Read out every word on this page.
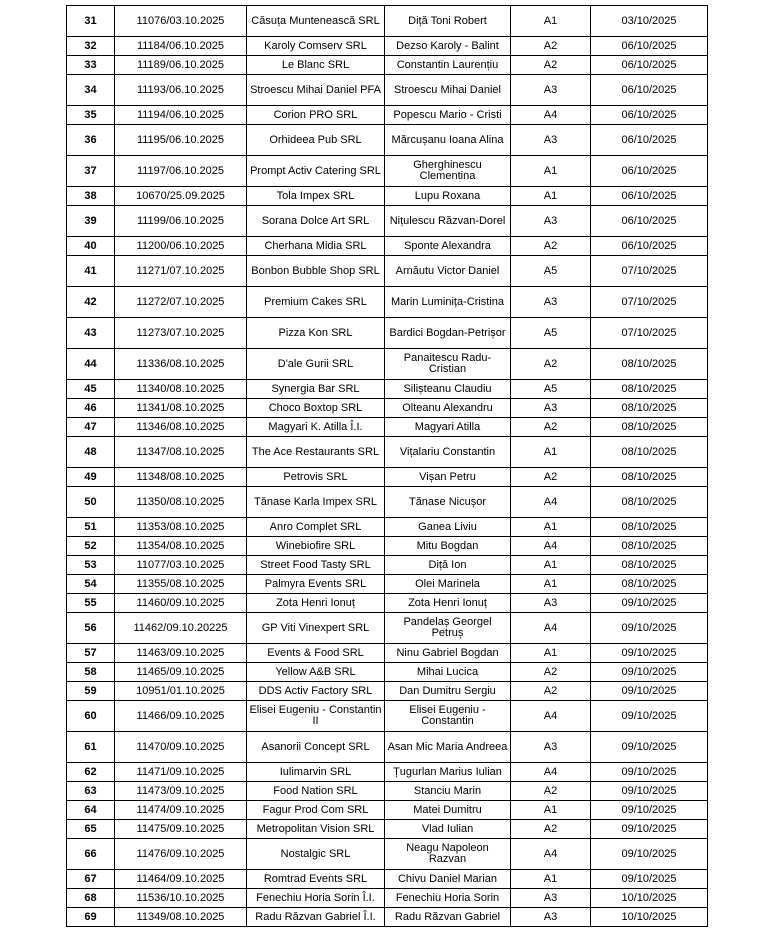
31	11076/03.10.2025	Căsuța Muntenească SRL	Diță Toni Robert	A1	03/10/2025
32	11184/06.10.2025	Karoly Comserv SRL	Dezso Karoly - Balint	A2	06/10/2025
33	11189/06.10.2025	Le Blanc SRL	Constantin Laurențiu	A2	06/10/2025
34	11193/06.10.2025	Stroescu Mihai Daniel PFA	Stroescu Mihai Daniel	A3	06/10/2025
35	11194/06.10.2025	Corion PRO SRL	Popescu Mario - Cristi	A4	06/10/2025
36	11195/06.10.2025	Orhideea Pub SRL	Mărcușanu Ioana Alina	A3	06/10/2025
37	11197/06.10.2025	Prompt Activ Catering SRL	Gherghinescu Clementina	A1	06/10/2025
38	10670/25.09.2025	Tola Impex SRL	Lupu Roxana	A1	06/10/2025
39	11199/06.10.2025	Sorana Dolce Art SRL	Nițulescu Răzvan-Dorel	A3	06/10/2025
40	11200/06.10.2025	Cherhana Midia SRL	Sponte Alexandra	A2	06/10/2025
41	11271/07.10.2025	Bonbon Bubble Shop SRL	Arnăutu Victor Daniel	A5	07/10/2025
42	11272/07.10.2025	Premium Cakes SRL	Marin Luminița-Cristina	A3	07/10/2025
43	11273/07.10.2025	Pizza Kon SRL	Bardici Bogdan-Petrișor	A5	07/10/2025
44	11336/08.10.2025	D'ale Gurii SRL	Panaitescu Radu-Cristian	A2	08/10/2025
45	11340/08.10.2025	Synergia Bar SRL	Siliștеanu Claudiu	A5	08/10/2025
46	11341/08.10.2025	Choco Boxtop SRL	Olteanu Alexandru	A3	08/10/2025
47	11346/08.10.2025	Magyari K. Atilla Î.I.	Magyari Atilla	A2	08/10/2025
48	11347/08.10.2025	The Ace Restaurants SRL	Vițalariu Constantin	A1	08/10/2025
49	11348/08.10.2025	Petrovis SRL	Vișan Petru	A2	08/10/2025
50	11350/08.10.2025	Tănase Karla Impex SRL	Tănase Nicușor	A4	08/10/2025
51	11353/08.10.2025	Anro Complet SRL	Ganea Liviu	A1	08/10/2025
52	11354/08.10.2025	Winebiofire SRL	Mitu Bogdan	A4	08/10/2025
53	11077/03.10.2025	Street Food Tasty SRL	Diță Ion	A1	08/10/2025
54	11355/08.10.2025	Palmyra Events SRL	Olei Marinela	A1	08/10/2025
55	11460/09.10.2025	Zota Henri Ionuț	Zota Henri Ionuț	A3	09/10/2025
56	11462/09.10.20225	GP Viti Vinexpert SRL	Pandelaș Georgel Petruș	A4	09/10/2025
57	11463/09.10.2025	Events & Food SRL	Ninu Gabriel Bogdan	A1	09/10/2025
58	11465/09.10.2025	Yellow A&B SRL	Mihai Lucica	A2	09/10/2025
59	10951/01.10.2025	DDS Activ Factory SRL	Dan Dumitru Sergiu	A2	09/10/2025
60	11466/09.10.2025	Elisei Eugeniu - Constantin II	Elisei Eugeniu - Constantin	A4	09/10/2025
61	11470/09.10.2025	Asanorii Concept SRL	Asan Mic Maria Andreea	A3	09/10/2025
62	11471/09.10.2025	Iulimarvin SRL	Țugurlan Marius Iulian	A4	09/10/2025
63	11473/09.10.2025	Food Nation SRL	Stanciu Marin	A2	09/10/2025
64	11474/09.10.2025	Fagur Prod Com SRL	Matei Dumitru	A1	09/10/2025
65	11475/09.10.2025	Metropolitan Vision SRL	Vlad Iulian	A2	09/10/2025
66	11476/09.10.2025	Nostalgic SRL	Neagu Napoleon Razvan	A4	09/10/2025
67	11464/09.10.2025	Romtrad Events SRL	Chivu Daniel Marian	A1	09/10/2025
68	11536/10.10.2025	Fenechiu Horia Sorin Î.I.	Fenechiu Horia Sorin	A3	10/10/2025
69	11349/08.10.2025	Radu Răzvan Gabriel Î.I.	Radu Răzvan Gabriel	A3	10/10/2025
